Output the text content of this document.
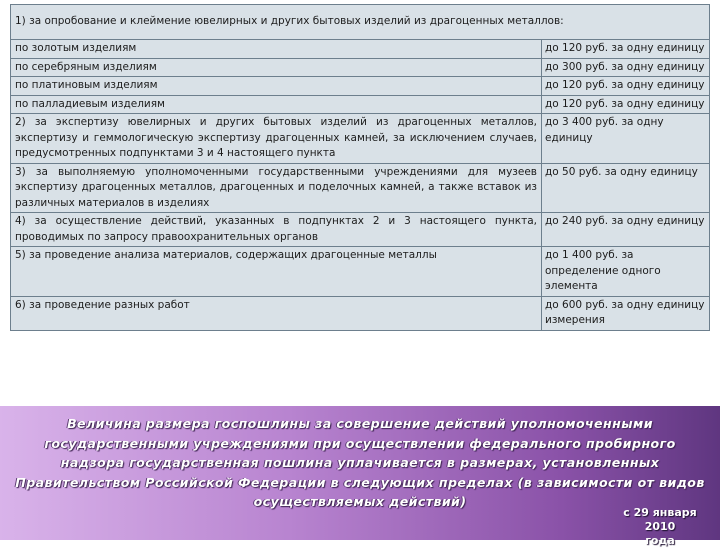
1) за опробование и клеймение ювелирных и других бытовых изделий из драгоценных металлов:	
по золотым изделиям	до 120 руб. за одну единицу
по серебряным изделиям	до 300 руб. за одну единицу
по платиновым изделиям	до 120 руб. за одну единицу
по палладиевым изделиям	до 120 руб. за одну единицу
2) за экспертизу ювелирных и других бытовых изделий из драгоценных металлов, экспертизу и геммологическую экспертизу драгоценных камней, за исключением случаев, предусмотренных подпунктами 3 и 4 настоящего пункта	до 3 400 руб. за одну единицу
3) за выполняемую уполномоченными государственными учреждениями для музеев экспертизу драгоценных металлов, драгоценных и поделочных камней, а также вставок из различных материалов в изделиях	до 50 руб. за одну единицу
4) за осуществление действий, указанных в подпунктах 2 и 3 настоящего пункта, проводимых по запросу правоохранительных органов	до 240 руб. за одну единицу
5) за проведение анализа материалов, содержащих драгоценные металлы	до 1 400 руб. за определение одного элемента
6) за проведение разных работ	до 600 руб. за одну единицу измерения
Величина размера госпошлины за совершение действий уполномоченными государственными учреждениями при осуществлении федерального пробирного надзора государственная пошлина уплачивается в размерах, установленных Правительством Российской Федерации в следующих пределах (в зависимости от видов осуществляемых действий)
с 29 января 2010
года
